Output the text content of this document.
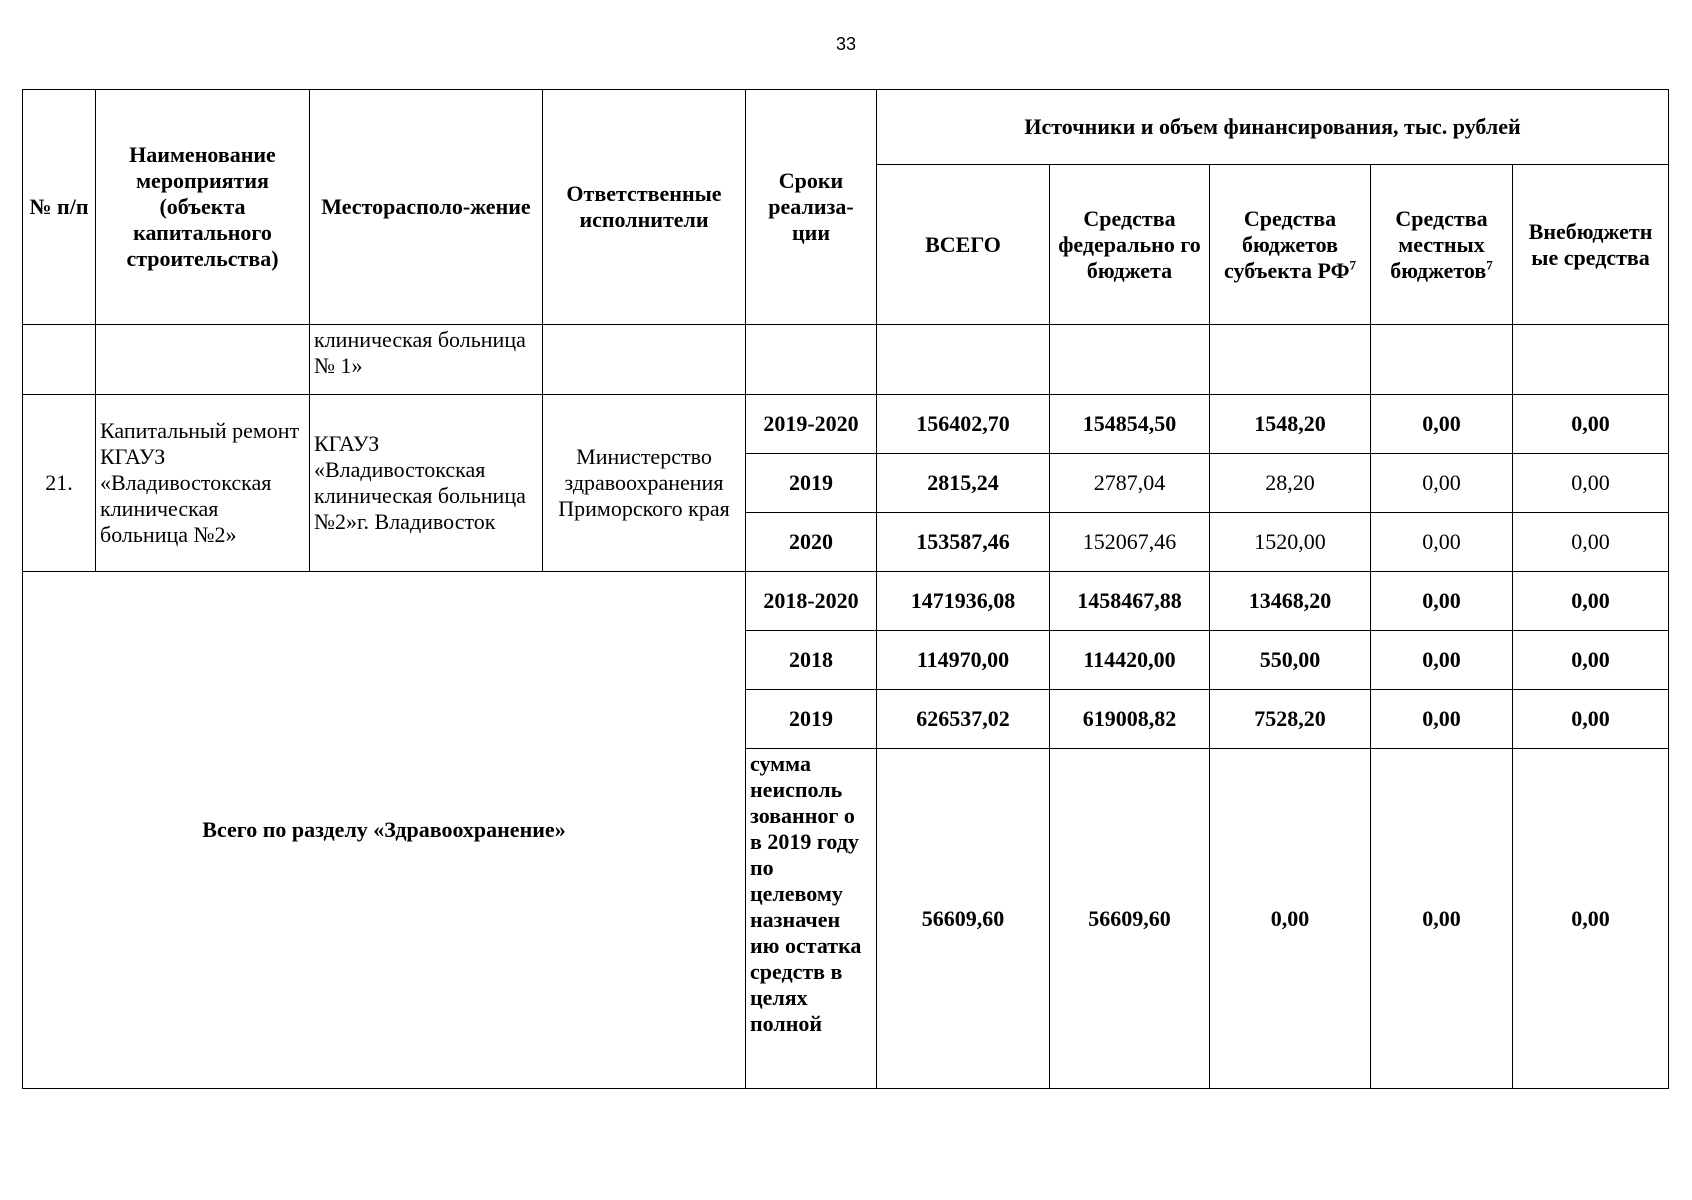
33
№ п/п	Наименование мероприятия (объекта капитального строительства)	Месторасполо-жение	Ответственные исполнители	Сроки реализа-ции	Источники и объем финансирования, тыс. рублей				
					ВСЕГО	Средства федерально го бюджета	Средства бюджетов субъекта $РФ^7$	Средства местных бюджетов$^7$	Внебюджетн ые средства
		клиническая больница № 1»							
21.	Капитальный ремонт КГАУЗ «Владивостокская клиническая больница №2»	КГАУЗ «Владивостокская клиническая больница №2»г. Владивосток	Министерство здравоохранения Приморского края	2019-2020	156402,70	154854,50	1548,20	0,00	0,00
				2019	2815,24	2787,04	28,20	0,00	0,00
				2020	153587,46	152067,46	1520,00	0,00	0,00
Всего по разделу «Здравоохранение»				2018-2020	1471936,08	1458467,88	13468,20	0,00	0,00
				2018	114970,00	114420,00	550,00	0,00	0,00
				2019	626537,02	619008,82	7528,20	0,00	0,00
				сумма неисполь зованног о в 2019 году по целевому назначен ию остатка средств в целях полной	56609,60	56609,60	0,00	0,00	0,00
